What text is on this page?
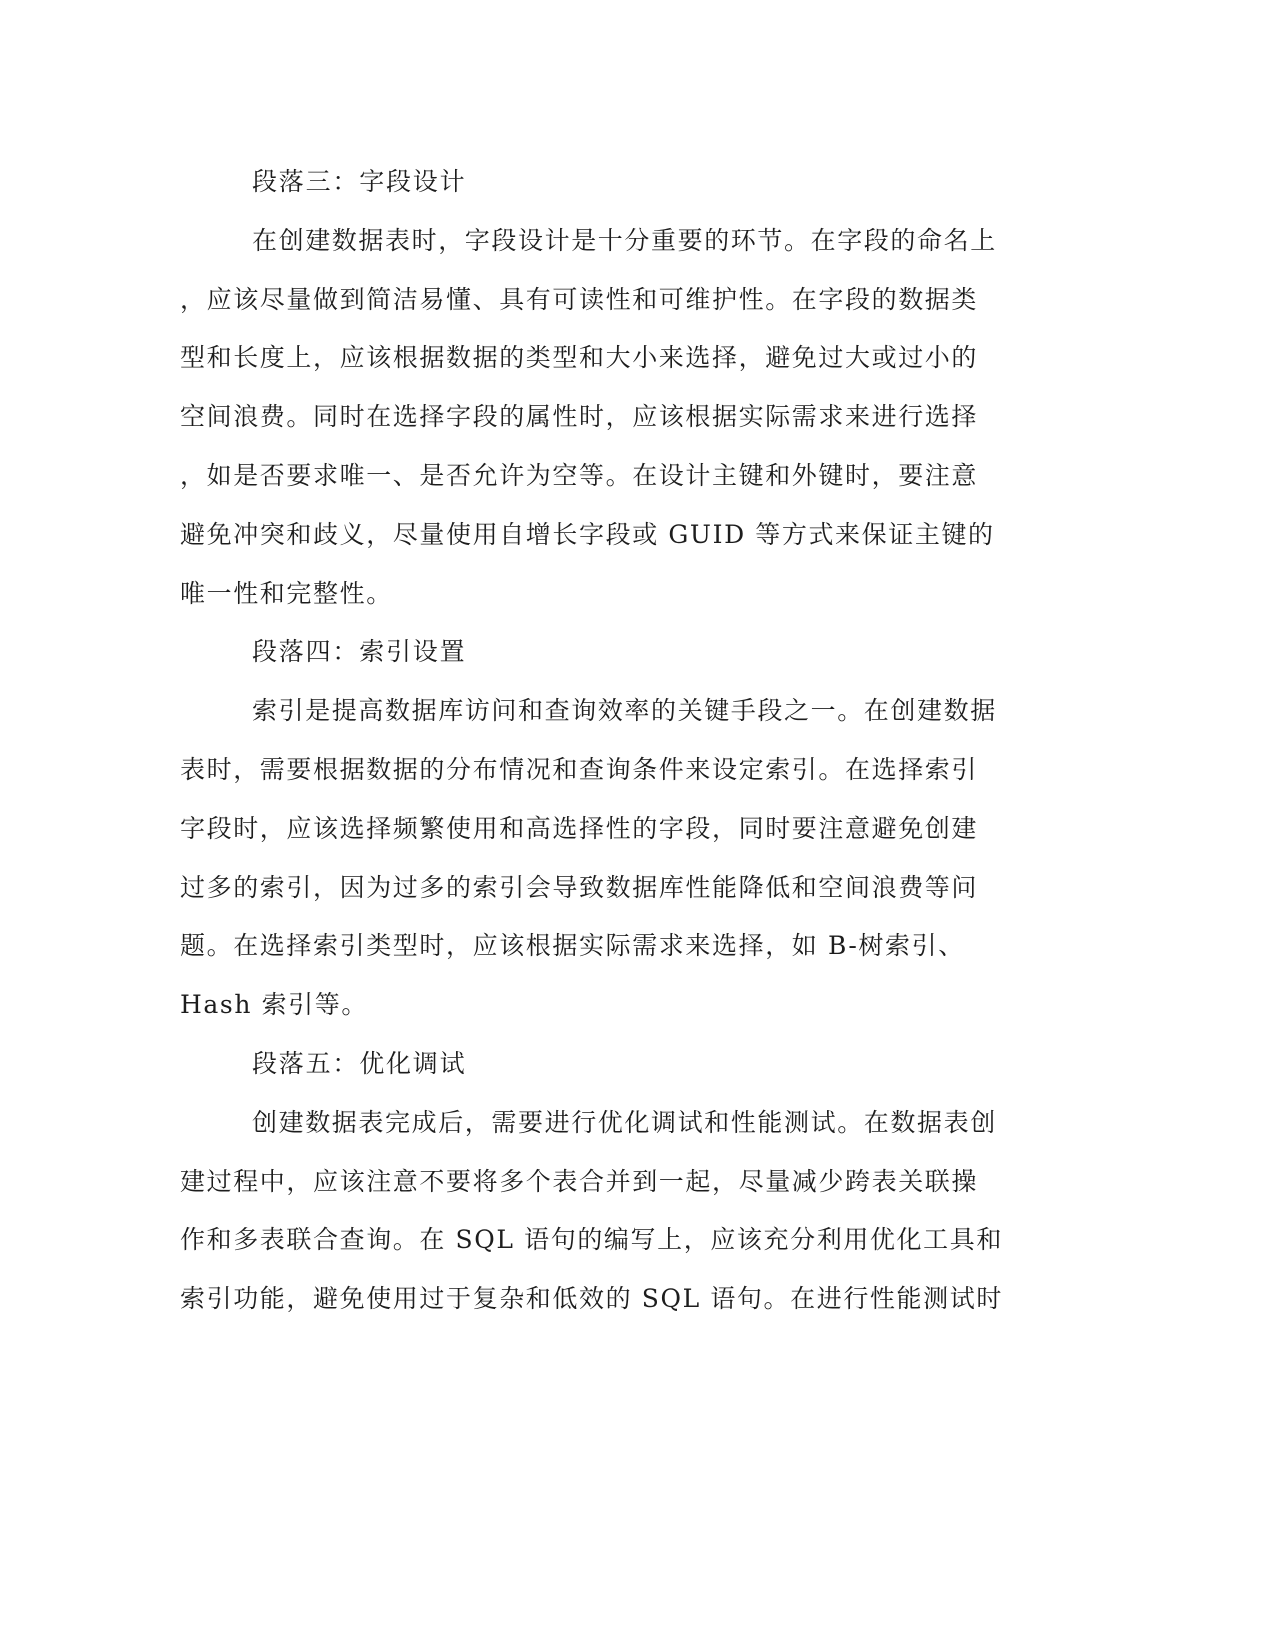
段落三：字段设计
在创建数据表时，字段设计是十分重要的环节。在字段的命名上
，应该尽量做到简洁易懂、具有可读性和可维护性。在字段的数据类
型和长度上，应该根据数据的类型和大小来选择，避免过大或过小的
空间浪费。同时在选择字段的属性时，应该根据实际需求来进行选择
，如是否要求唯一、是否允许为空等。在设计主键和外键时，要注意
避免冲突和歧义，尽量使用自增长字段或 GUID 等方式来保证主键的
唯一性和完整性。
段落四：索引设置
索引是提高数据库访问和查询效率的关键手段之一。在创建数据
表时，需要根据数据的分布情况和查询条件来设定索引。在选择索引
字段时，应该选择频繁使用和高选择性的字段，同时要注意避免创建
过多的索引，因为过多的索引会导致数据库性能降低和空间浪费等问
题。在选择索引类型时，应该根据实际需求来选择，如 B-树索引、
Hash 索引等。
段落五：优化调试
创建数据表完成后，需要进行优化调试和性能测试。在数据表创
建过程中，应该注意不要将多个表合并到一起，尽量减少跨表关联操
作和多表联合查询。在 SQL 语句的编写上，应该充分利用优化工具和
索引功能，避免使用过于复杂和低效的 SQL 语句。在进行性能测试时
